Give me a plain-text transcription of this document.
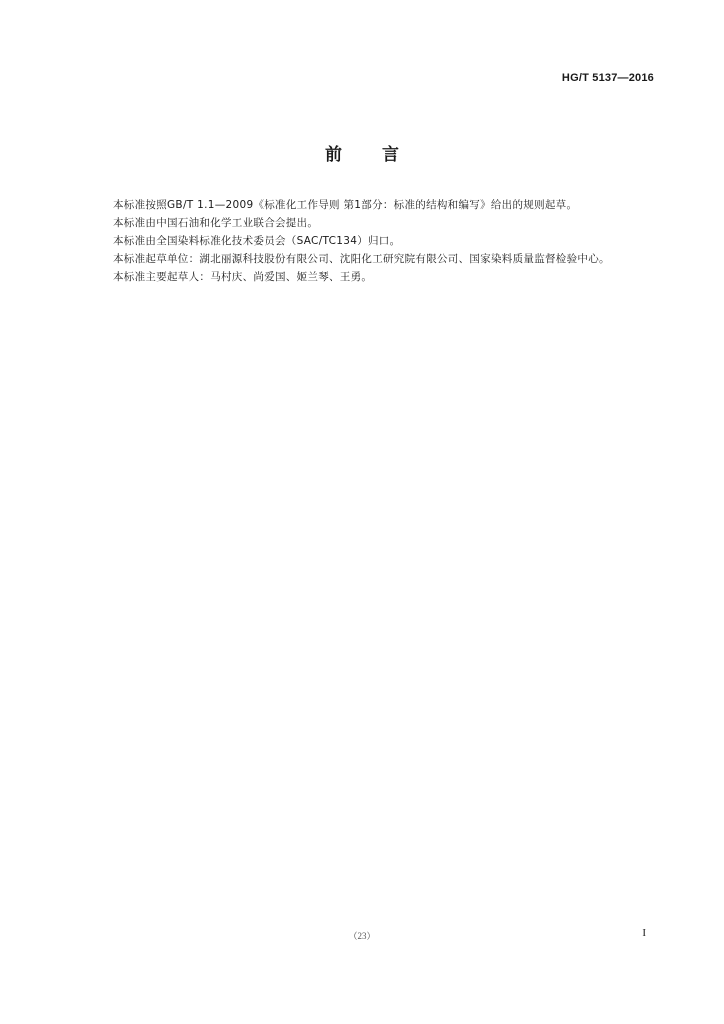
HG/T 5137—2016
前 言

本标准按照GB/T 1.1—2009《标准化工作导则 第1部分：标准的结构和编写》给出的规则起草。

本标准由中国石油和化学工业联合会提出。

本标准由全国染料标准化技术委员会（SAC/TC134）归口。

本标准起草单位：湖北丽源科技股份有限公司、沈阳化工研究院有限公司、国家染料质量监督检验中心。

本标准主要起草人：马村庆、尚爱国、姬兰琴、王勇。

（23）	I
